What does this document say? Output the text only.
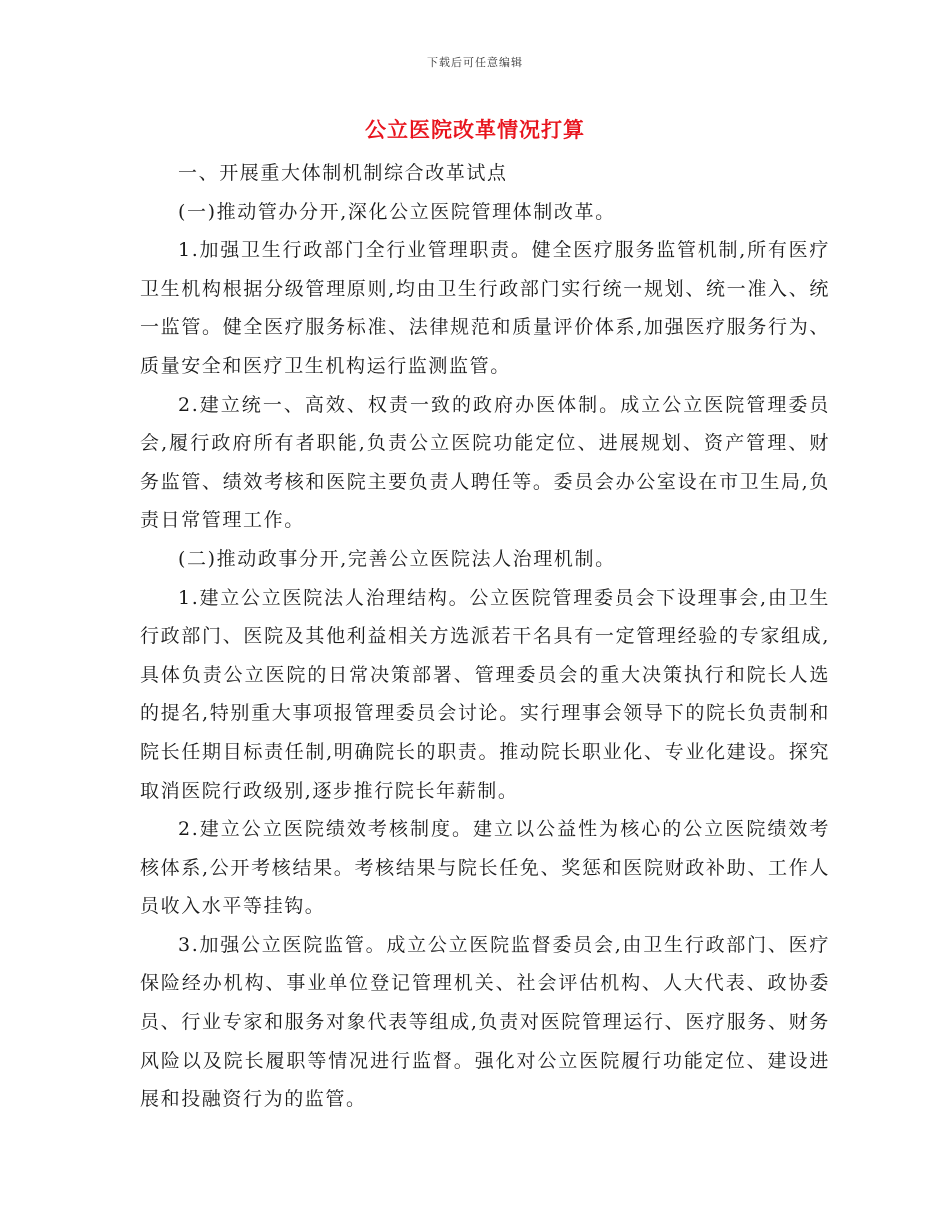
下载后可任意编辑
公立医院改革情况打算

一、开展重大体制机制综合改革试点

(一)推动管办分开,深化公立医院管理体制改革。

1.加强卫生行政部门全行业管理职责。健全医疗服务监管机制,所有医疗卫生机构根据分级管理原则,均由卫生行政部门实行统一规划、统一准入、统一监管。健全医疗服务标准、法律规范和质量评价体系,加强医疗服务行为、质量安全和医疗卫生机构运行监测监管。

2.建立统一、高效、权责一致的政府办医体制。成立公立医院管理委员会,履行政府所有者职能,负责公立医院功能定位、进展规划、资产管理、财务监管、绩效考核和医院主要负责人聘任等。委员会办公室设在市卫生局,负责日常管理工作。

(二)推动政事分开,完善公立医院法人治理机制。

1.建立公立医院法人治理结构。公立医院管理委员会下设理事会,由卫生行政部门、医院及其他利益相关方选派若干名具有一定管理经验的专家组成,具体负责公立医院的日常决策部署、管理委员会的重大决策执行和院长人选的提名,特别重大事项报管理委员会讨论。实行理事会领导下的院长负责制和院长任期目标责任制,明确院长的职责。推动院长职业化、专业化建设。探究取消医院行政级别,逐步推行院长年薪制。

2.建立公立医院绩效考核制度。建立以公益性为核心的公立医院绩效考核体系,公开考核结果。考核结果与院长任免、奖惩和医院财政补助、工作人员收入水平等挂钩。

3.加强公立医院监管。成立公立医院监督委员会,由卫生行政部门、医疗保险经办机构、事业单位登记管理机关、社会评估机构、人大代表、政协委员、行业专家和服务对象代表等组成,负责对医院管理运行、医疗服务、财务风险以及院长履职等情况进行监督。强化对公立医院履行功能定位、建设进展和投融资行为的监管。
